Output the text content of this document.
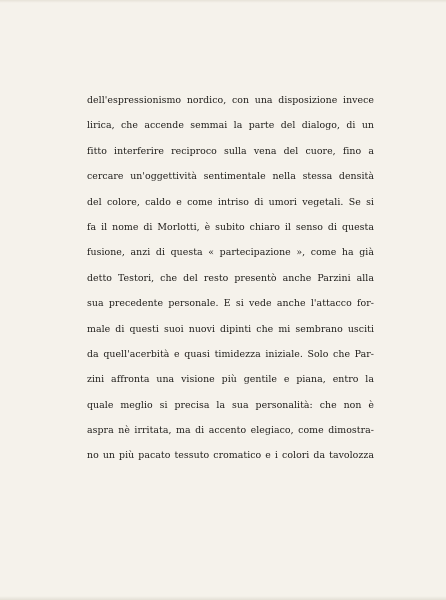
dell'espressionismo nordico, con una disposizione invece
lirica, che accende semmai la parte del dialogo, di un
fitto interferire reciproco sulla vena del cuore, fino a
cercare un'oggettività sentimentale nella stessa densità
del colore, caldo e come intriso di umori vegetali. Se si
fa il nome di Morlotti, è subito chiaro il senso di questa
fusione, anzi di questa « partecipazione », come ha già
detto Testori, che del resto presentò anche Parzini alla
sua precedente personale. E si vede anche l'attacco for-
male di questi suoi nuovi dipinti che mi sembrano usciti
da quell'acerbità e quasi timidezza iniziale. Solo che Par-
zini affronta una visione più gentile e piana, entro la
quale meglio si precisa la sua personalità: che non è
aspra nè irritata, ma di accento elegiaco, come dimostra-
no un più pacato tessuto cromatico e i colori da tavolozza
